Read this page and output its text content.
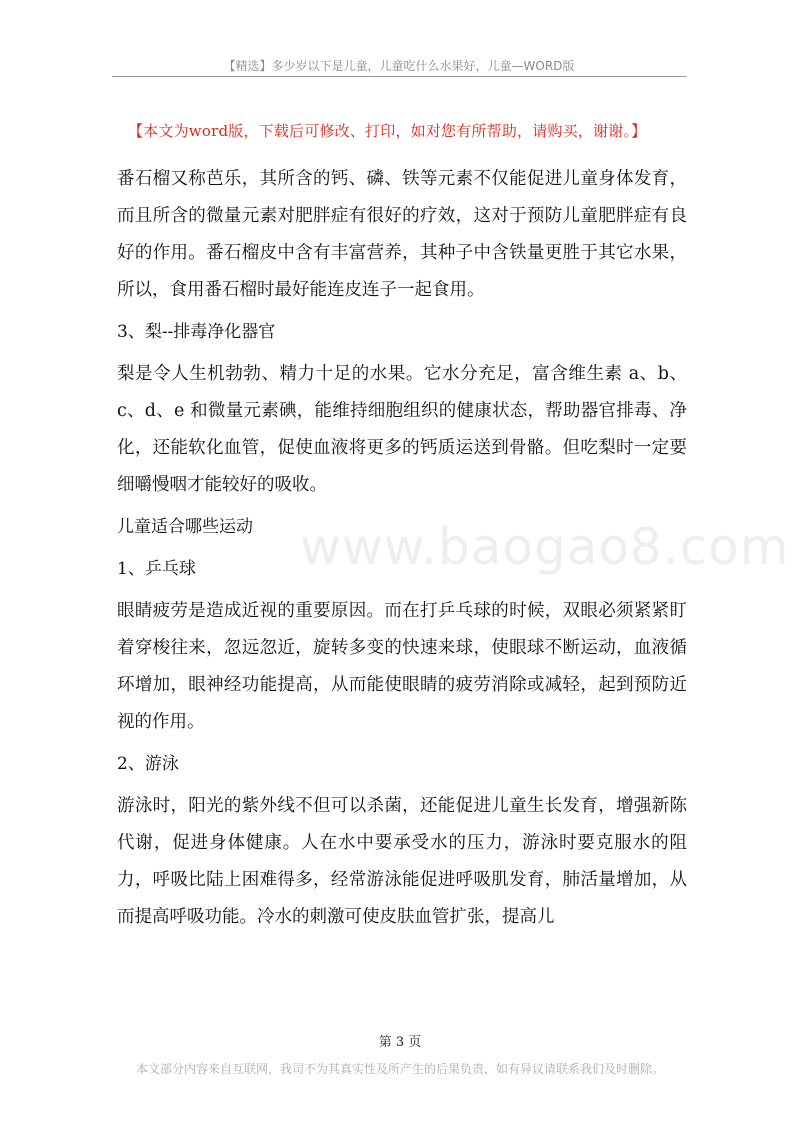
【精选】多少岁以下是儿童，儿童吃什么水果好，儿童—WORD版
【本文为word版，下载后可修改、打印，如对您有所帮助，请购买，谢谢。】
www.baogao8.com

番石榴又称芭乐，其所含的钙、磷、铁等元素不仅能促进儿童身体发育，而且所含的微量元素对肥胖症有很好的疗效，这对于预防儿童肥胖症有良好的作用。番石榴皮中含有丰富营养，其种子中含铁量更胜于其它水果，所以，食用番石榴时最好能连皮连子一起食用。

3、梨--排毒净化器官

梨是令人生机勃勃、精力十足的水果。它水分充足，富含维生素 a、b、c、d、e 和微量元素碘，能维持细胞组织的健康状态，帮助器官排毒、净化，还能软化血管，促使血液将更多的钙质运送到骨骼。但吃梨时一定要细嚼慢咽才能较好的吸收。

儿童适合哪些运动

1、乒乓球

眼睛疲劳是造成近视的重要原因。而在打乒乓球的时候，双眼必须紧紧盯着穿梭往来，忽远忽近，旋转多变的快速来球，使眼球不断运动，血液循环增加，眼神经功能提高，从而能使眼睛的疲劳消除或减轻，起到预防近视的作用。

2、游泳

游泳时，阳光的紫外线不但可以杀菌，还能促进儿童生长发育，增强新陈代谢，促进身体健康。人在水中要承受水的压力，游泳时要克服水的阻力，呼吸比陆上困难得多，经常游泳能促进呼吸肌发育，肺活量增加，从而提高呼吸功能。冷水的刺激可使皮肤血管扩张，提高儿

第 3 页
本文部分内容来自互联网，我司不为其真实性及所产生的后果负责，如有异议请联系我们及时删除。
